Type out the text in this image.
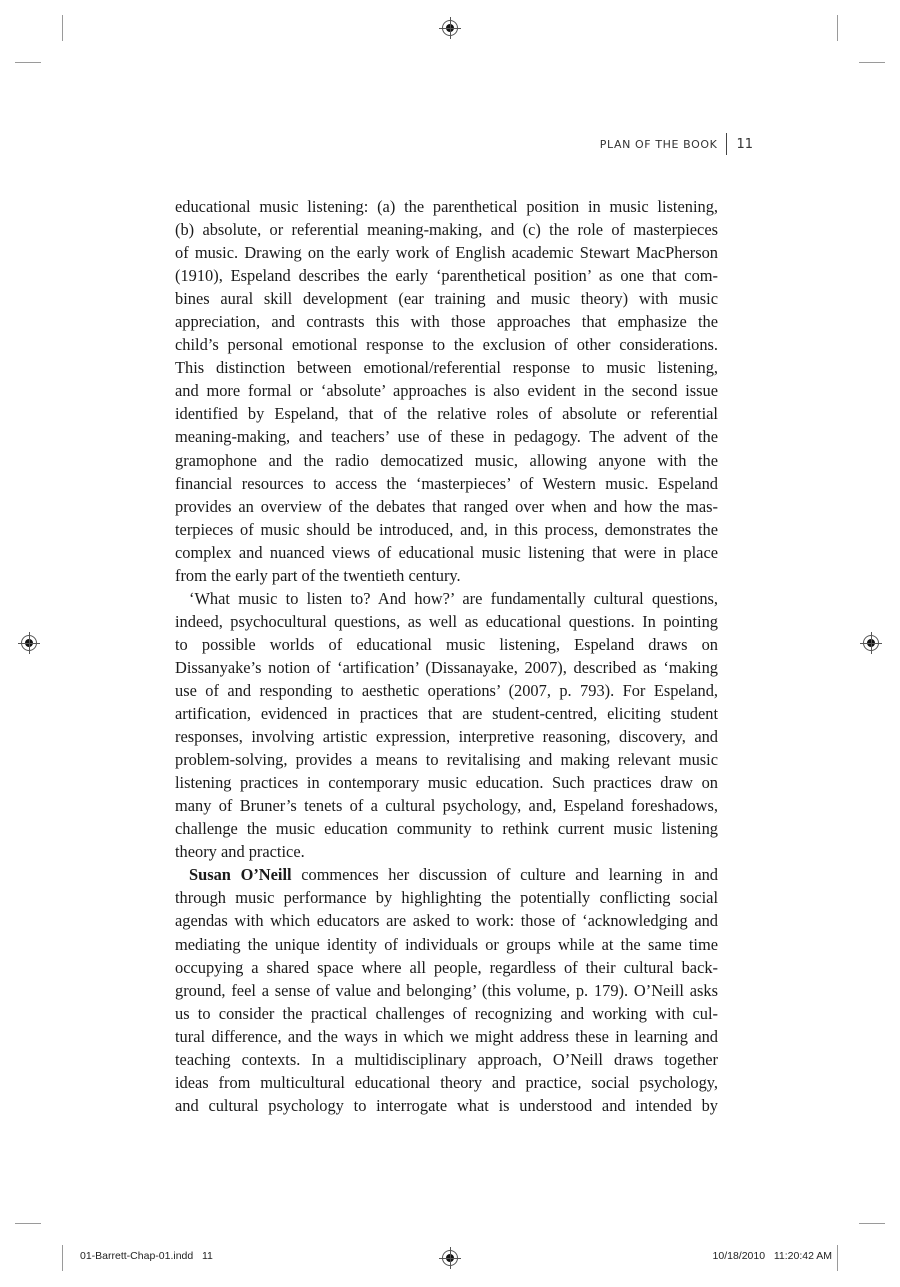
PLAN OF THE BOOK 11

educational music listening: (a) the parenthetical position in music listening,
(b) absolute, or referential meaning-making, and (c) the role of masterpieces
of music. Drawing on the early work of English academic Stewart MacPherson
(1910), Espeland describes the early ‘parenthetical position’ as one that com-
bines aural skill development (ear training and music theory) with music
appreciation, and contrasts this with those approaches that emphasize the
child’s personal emotional response to the exclusion of other considerations.
This distinction between emotional/referential response to music listening,
and more formal or ‘absolute’ approaches is also evident in the second issue
identified by Espeland, that of the relative roles of absolute or referential
meaning-making, and teachers’ use of these in pedagogy. The advent of the
gramophone and the radio democatized music, allowing anyone with the
financial resources to access the ‘masterpieces’ of Western music. Espeland
provides an overview of the debates that ranged over when and how the mas-
terpieces of music should be introduced, and, in this process, demonstrates the
complex and nuanced views of educational music listening that were in place
from the early part of the twentieth century.

‘What music to listen to? And how?’ are fundamentally cultural questions,
indeed, psychocultural questions, as well as educational questions. In pointing
to possible worlds of educational music listening, Espeland draws on
Dissanyake’s notion of ‘artification’ (Dissanayake, 2007), described as ‘making
use of and responding to aesthetic operations’ (2007, p. 793). For Espeland,
artification, evidenced in practices that are student-centred, eliciting student
responses, involving artistic expression, interpretive reasoning, discovery, and
problem-solving, provides a means to revitalising and making relevant music
listening practices in contemporary music education. Such practices draw on
many of Bruner’s tenets of a cultural psychology, and, Espeland foreshadows,
challenge the music education community to rethink current music listening
theory and practice.

Susan O’Neill commences her discussion of culture and learning in and
through music performance by highlighting the potentially conflicting social
agendas with which educators are asked to work: those of ‘acknowledging and
mediating the unique identity of individuals or groups while at the same time
occupying a shared space where all people, regardless of their cultural back-
ground, feel a sense of value and belonging’ (this volume, p. 179). O’Neill asks
us to consider the practical challenges of recognizing and working with cul-
tural difference, and the ways in which we might address these in learning and
teaching contexts. In a multidisciplinary approach, O’Neill draws together
ideas from multicultural educational theory and practice, social psychology,
and cultural psychology to interrogate what is understood and intended by

01-Barrett-Chap-01.indd   11	10/18/2010   11:20:42 AM
